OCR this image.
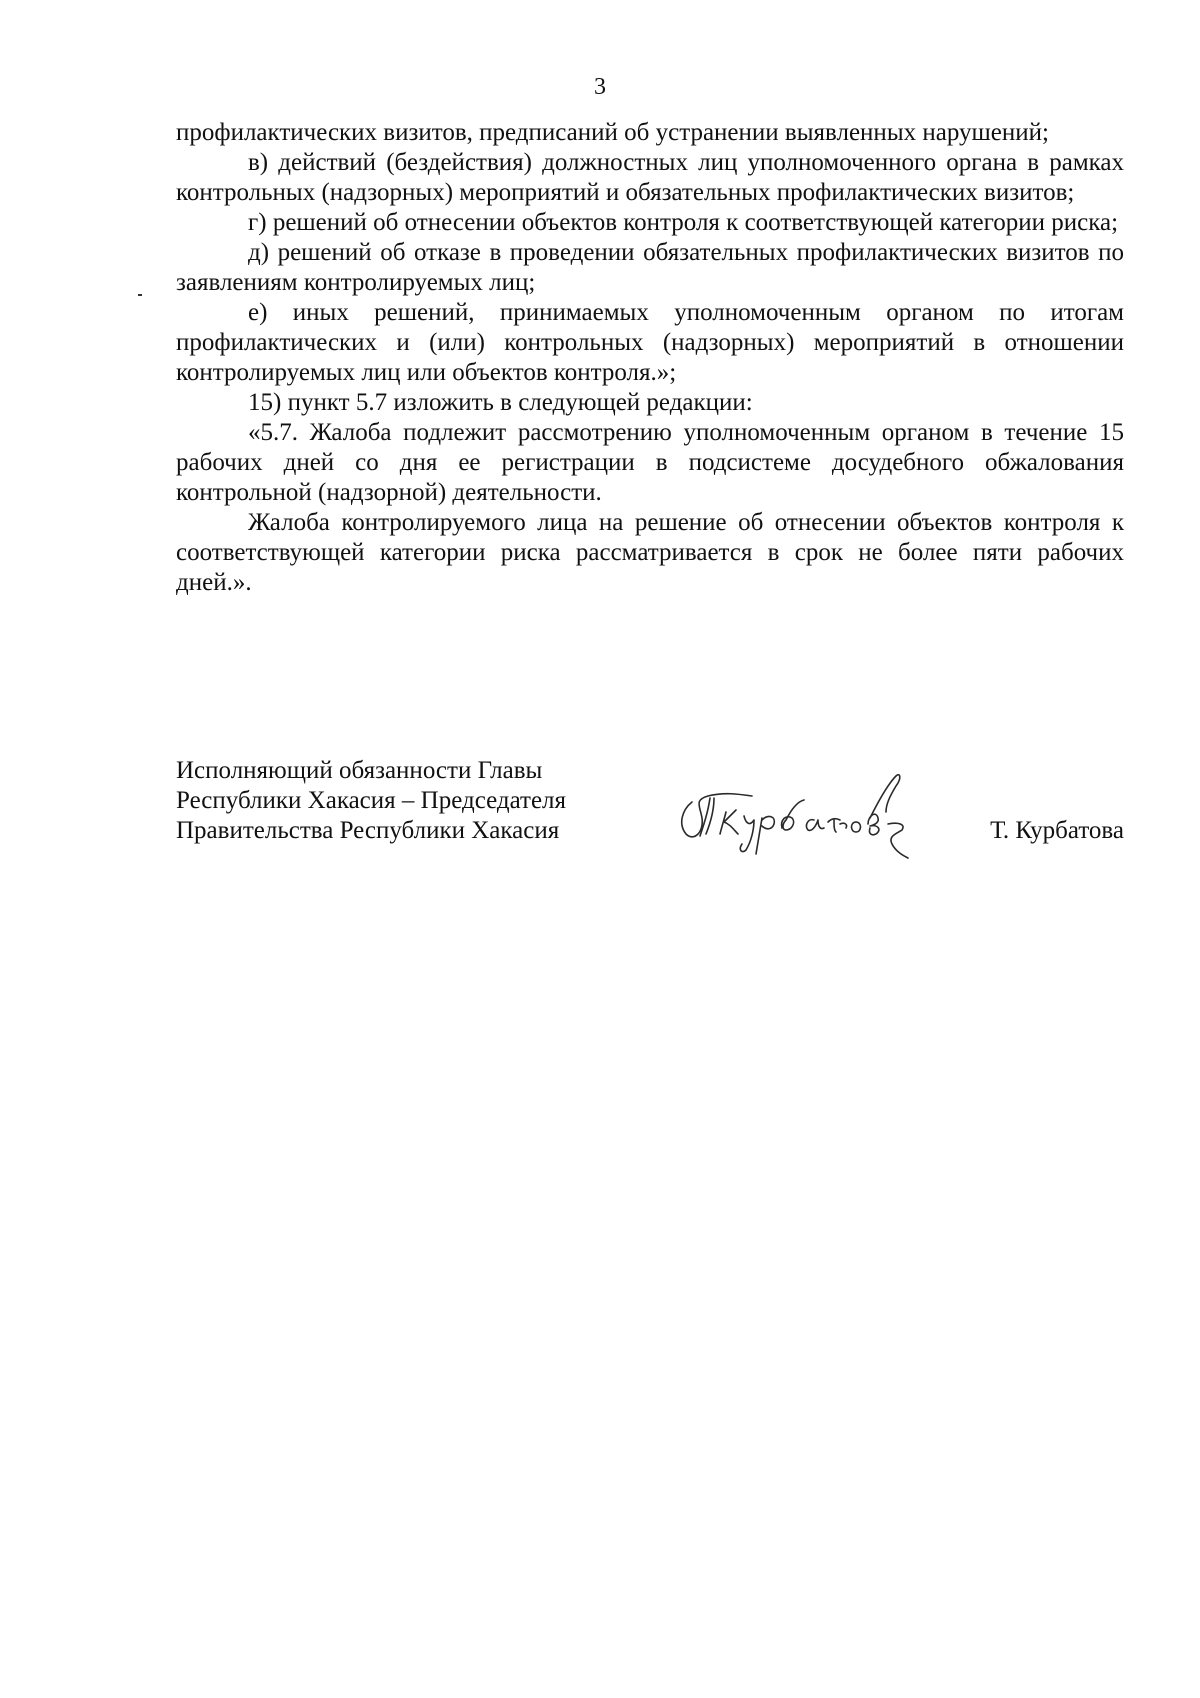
3

профилактических визитов, предписаний об устранении выявленных нарушений;

в) действий (бездействия) должностных лиц уполномоченного органа в рамках контрольных (надзорных) мероприятий и обязательных профилактических визитов;

г) решений об отнесении объектов контроля к соответствующей категории риска;

д) решений об отказе в проведении обязательных профилактических визитов по заявлениям контролируемых лиц;

е) иных решений, принимаемых уполномоченным органом по итогам профилактических и (или) контрольных (надзорных) мероприятий в отношении контролируемых лиц или объектов контроля.»;

15) пункт 5.7 изложить в следующей редакции:

«5.7. Жалоба подлежит рассмотрению уполномоченным органом в течение 15 рабочих дней со дня ее регистрации в подсистеме досудебного обжалования контрольной (надзорной) деятельности.

Жалоба контролируемого лица на решение об отнесении объектов контроля к соответствующей категории риска рассматривается в срок не более пяти рабочих дней.».

Исполняющий обязанности Главы
Республики Хакасия – Председателя
Правительства Республики Хакасия	Т. Курбатова
